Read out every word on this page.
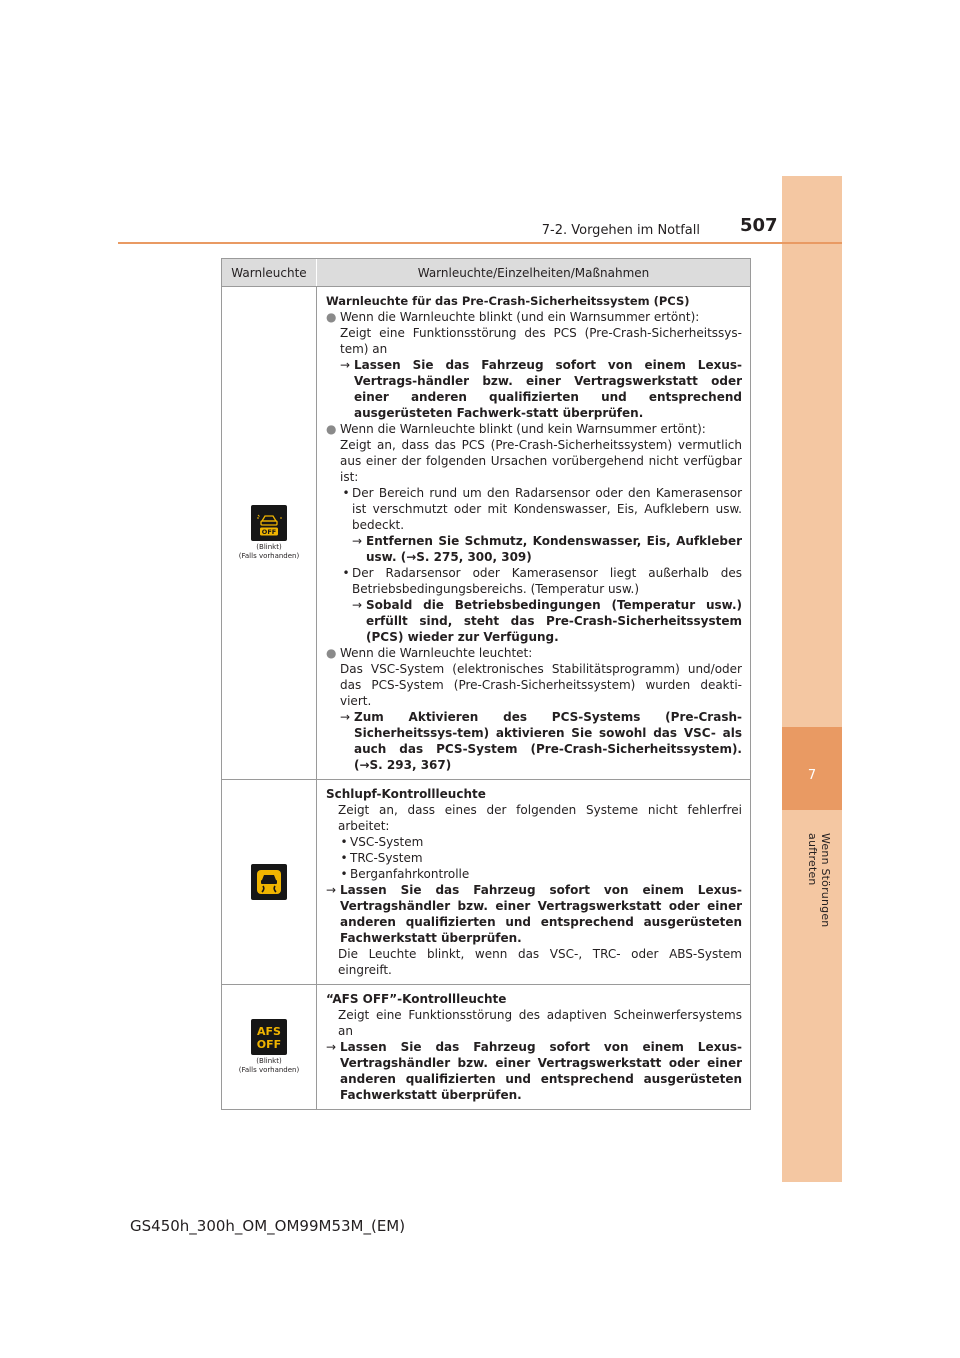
7
Wenn Störungen auftreten
7-2. Vorgehen im Notfall 507
Warnleuchte	Warnleuchte/Einzelheiten/Maßnahmen
OFF
(Blinkt)
(Falls vorhanden)
Warnleuchte für das Pre-Crash-Sicherheitssystem (PCS)
● Wenn die Warnleuchte blinkt (und ein Warnsummer ertönt):
Zeigt eine Funktionsstörung des PCS (Pre-Crash-Sicherheitssys-tem) an
→ Lassen Sie das Fahrzeug sofort von einem Lexus-Vertrags-händler bzw. einer Vertragswerkstatt oder einer anderen qualifizierten und entsprechend ausgerüsteten Fachwerk-statt überprüfen.
● Wenn die Warnleuchte blinkt (und kein Warnsummer ertönt):
Zeigt an, dass das PCS (Pre-Crash-Sicherheitssystem) vermutlich aus einer der folgenden Ursachen vorübergehend nicht verfügbar ist:
• Der Bereich rund um den Radarsensor oder den Kamerasensor ist verschmutzt oder mit Kondenswasser, Eis, Aufklebern usw. bedeckt.
→ Entfernen Sie Schmutz, Kondenswasser, Eis, Aufkleber usw. (→S. 275, 300, 309)
• Der Radarsensor oder Kamerasensor liegt außerhalb des Betriebsbedingungsbereichs. (Temperatur usw.)
→ Sobald die Betriebsbedingungen (Temperatur usw.) erfüllt sind, steht das Pre-Crash-Sicherheitssystem (PCS) wieder zur Verfügung.
● Wenn die Warnleuchte leuchtet:
Das VSC-System (elektronisches Stabilitätsprogramm) und/oder das PCS-System (Pre-Crash-Sicherheitssystem) wurden deakti-viert.
→ Zum Aktivieren des PCS-Systems (Pre-Crash-Sicherheitssys-tem) aktivieren Sie sowohl das VSC- als auch das PCS-System (Pre-Crash-Sicherheitssystem). (→S. 293, 367)
Schlupf-Kontrollleuchte
Zeigt an, dass eines der folgenden Systeme nicht fehlerfrei arbeitet:
• VSC-System
• TRC-System
• Berganfahrkontrolle
→ Lassen Sie das Fahrzeug sofort von einem Lexus-Vertragshändler bzw. einer Vertragswerkstatt oder einer anderen qualifizierten und entsprechend ausgerüsteten Fachwerkstatt überprüfen.
Die Leuchte blinkt, wenn das VSC-, TRC- oder ABS-System eingreift.
AFS
OFF
(Blinkt)
(Falls vorhanden)
“AFS OFF”-Kontrollleuchte
Zeigt eine Funktionsstörung des adaptiven Scheinwerfersystems an
→ Lassen Sie das Fahrzeug sofort von einem Lexus-Vertragshändler bzw. einer Vertragswerkstatt oder einer anderen qualifizierten und entsprechend ausgerüsteten Fachwerkstatt überprüfen.
GS450h_300h_OM_OM99M53M_(EM)
